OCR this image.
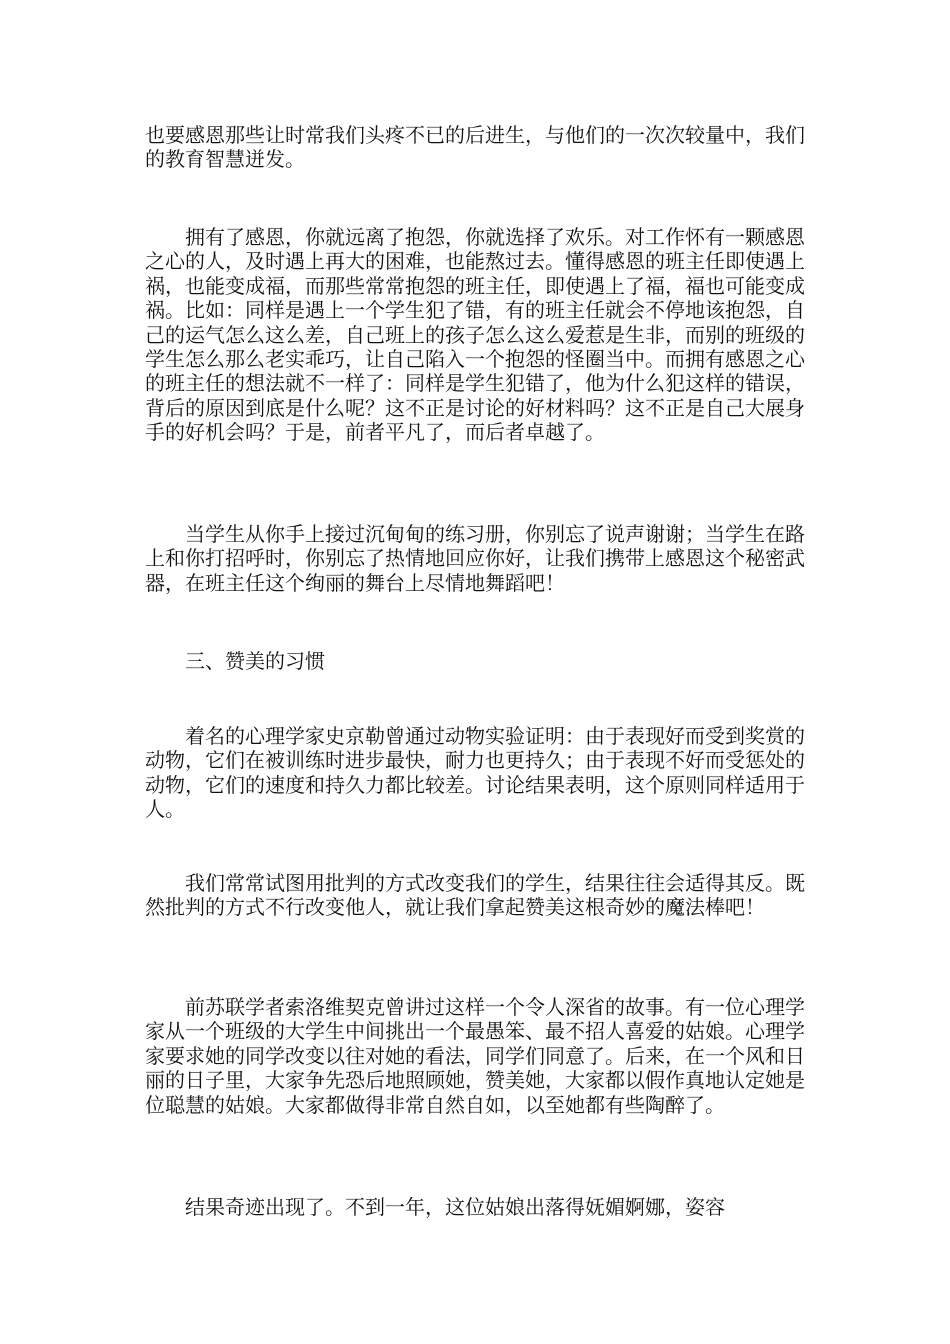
也要感恩那些让时常我们头疼不已的后进生，与他们的一次次较量中，我们的教育智慧迸发。

拥有了感恩，你就远离了抱怨，你就选择了欢乐。对工作怀有一颗感恩之心的人，及时遇上再大的困难，也能熬过去。懂得感恩的班主任即使遇上祸，也能变成福，而那些常常抱怨的班主任，即使遇上了福，福也可能变成祸。比如：同样是遇上一个学生犯了错，有的班主任就会不停地该抱怨，自己的运气怎么这么差，自己班上的孩子怎么这么爱惹是生非，而别的班级的学生怎么那么老实乖巧，让自己陷入一个抱怨的怪圈当中。而拥有感恩之心的班主任的想法就不一样了：同样是学生犯错了，他为什么犯这样的错误，背后的原因到底是什么呢？这不正是讨论的好材料吗？这不正是自己大展身手的好机会吗？于是，前者平凡了，而后者卓越了。

当学生从你手上接过沉甸甸的练习册，你别忘了说声谢谢；当学生在路上和你打招呼时，你别忘了热情地回应你好，让我们携带上感恩这个秘密武器，在班主任这个绚丽的舞台上尽情地舞蹈吧！

三、赞美的习惯

着名的心理学家史京勒曾通过动物实验证明：由于表现好而受到奖赏的动物，它们在被训练时进步最快，耐力也更持久；由于表现不好而受惩处的动物，它们的速度和持久力都比较差。讨论结果表明，这个原则同样适用于人。

我们常常试图用批判的方式改变我们的学生，结果往往会适得其反。既然批判的方式不行改变他人，就让我们拿起赞美这根奇妙的魔法棒吧！

前苏联学者索洛维契克曾讲过这样一个令人深省的故事。有一位心理学家从一个班级的大学生中间挑出一个最愚笨、最不招人喜爱的姑娘。心理学家要求她的同学改变以往对她的看法，同学们同意了。后来，在一个风和日丽的日子里，大家争先恐后地照顾她，赞美她，大家都以假作真地认定她是位聪慧的姑娘。大家都做得非常自然自如，以至她都有些陶醉了。

结果奇迹出现了。不到一年，这位姑娘出落得妩媚婀娜，姿容
